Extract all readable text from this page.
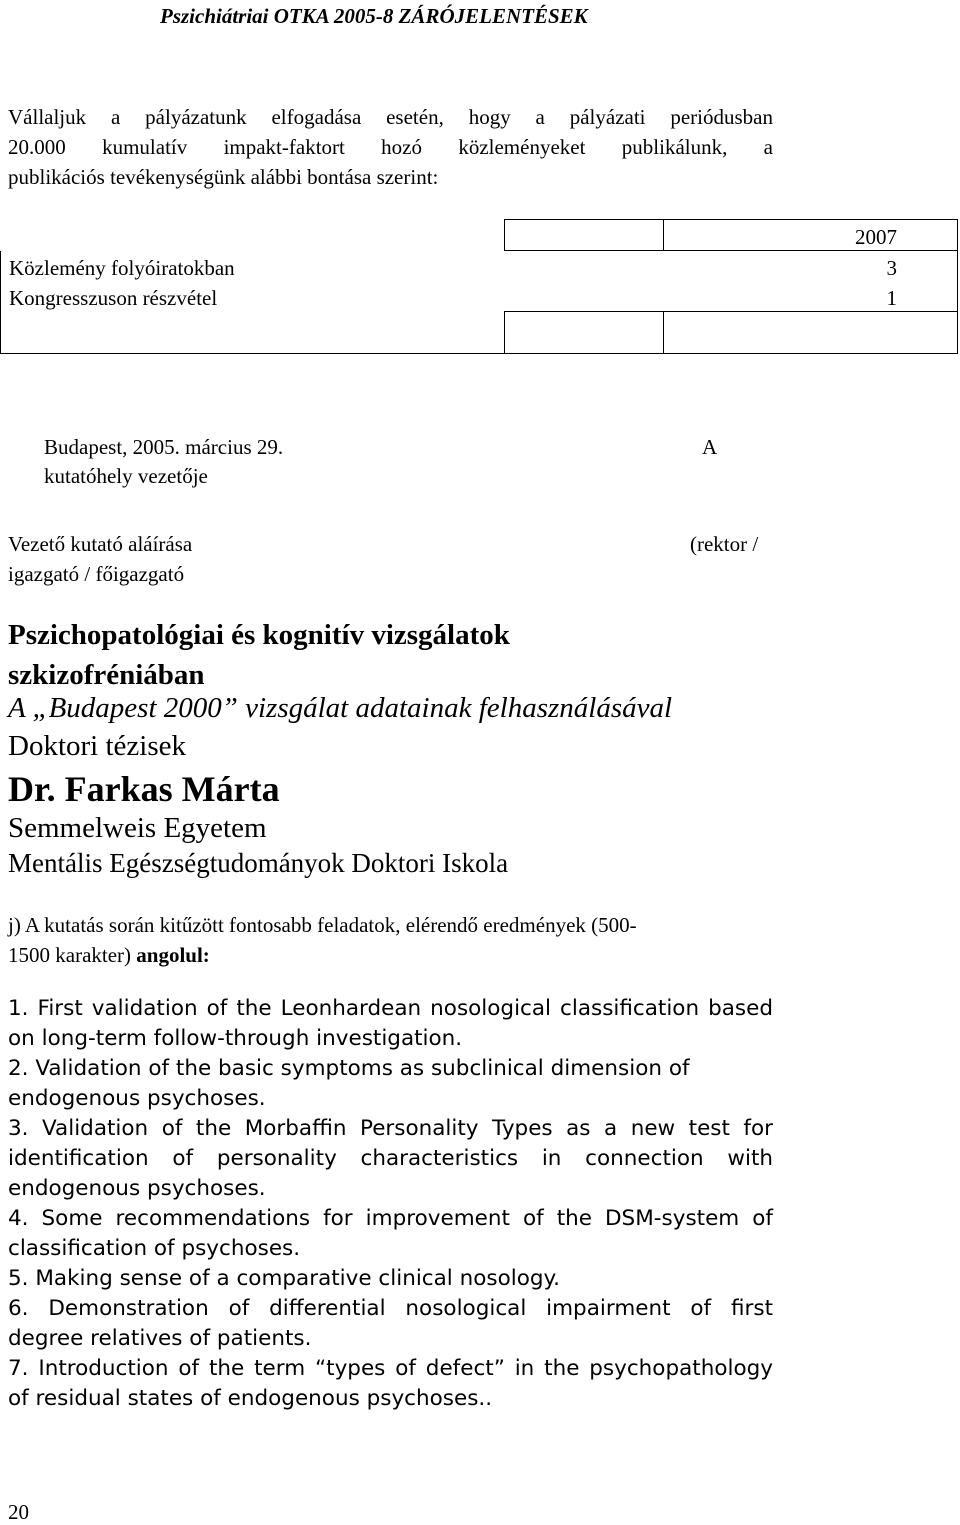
Pszichiátriai OTKA 2005-8 ZÁRÓJELENTÉSEK
Vállaljuk a pályázatunk elfogadása esetén, hogy a pályázati periódusban
20.000 kumulatív impakt-faktort hozó közleményeket publikálunk, a
publikációs tevékenységünk alábbi bontása szerint:
		2007
Közlemény folyóiratokban		3
Kongresszuson részvétel		1

Budapest, 2005. március 29.	A
kutatóhely vezetője
Vezető kutató aláírása	(rektor /
igazgató / főigazgató
Pszichopatológiai és kognitív vizsgálatok
szkizofréniában
A „Budapest 2000” vizsgálat adatainak felhasználásával
Doktori tézisek
Dr. Farkas Márta
Semmelweis Egyetem
Mentális Egészségtudományok Doktori Iskola
j) A kutatás során kitűzött fontosabb feladatok, elérendő eredmények (500-
1500 karakter) angolul:
1. First validation of the Leonhardean nosological classification based
on long-term follow-through investigation.
2. Validation of the basic symptoms as subclinical dimension of
endogenous psychoses.
3. Validation of the Morbaffin Personality Types as a new test for
identification of personality characteristics in connection with
endogenous psychoses.
4. Some recommendations for improvement of the DSM-system of
classification of psychoses.
5. Making sense of a comparative clinical nosology.
6. Demonstration of differential nosological impairment of first
degree relatives of patients.
7. Introduction of the term “types of defect” in the psychopathology
of residual states of endogenous psychoses..
20
